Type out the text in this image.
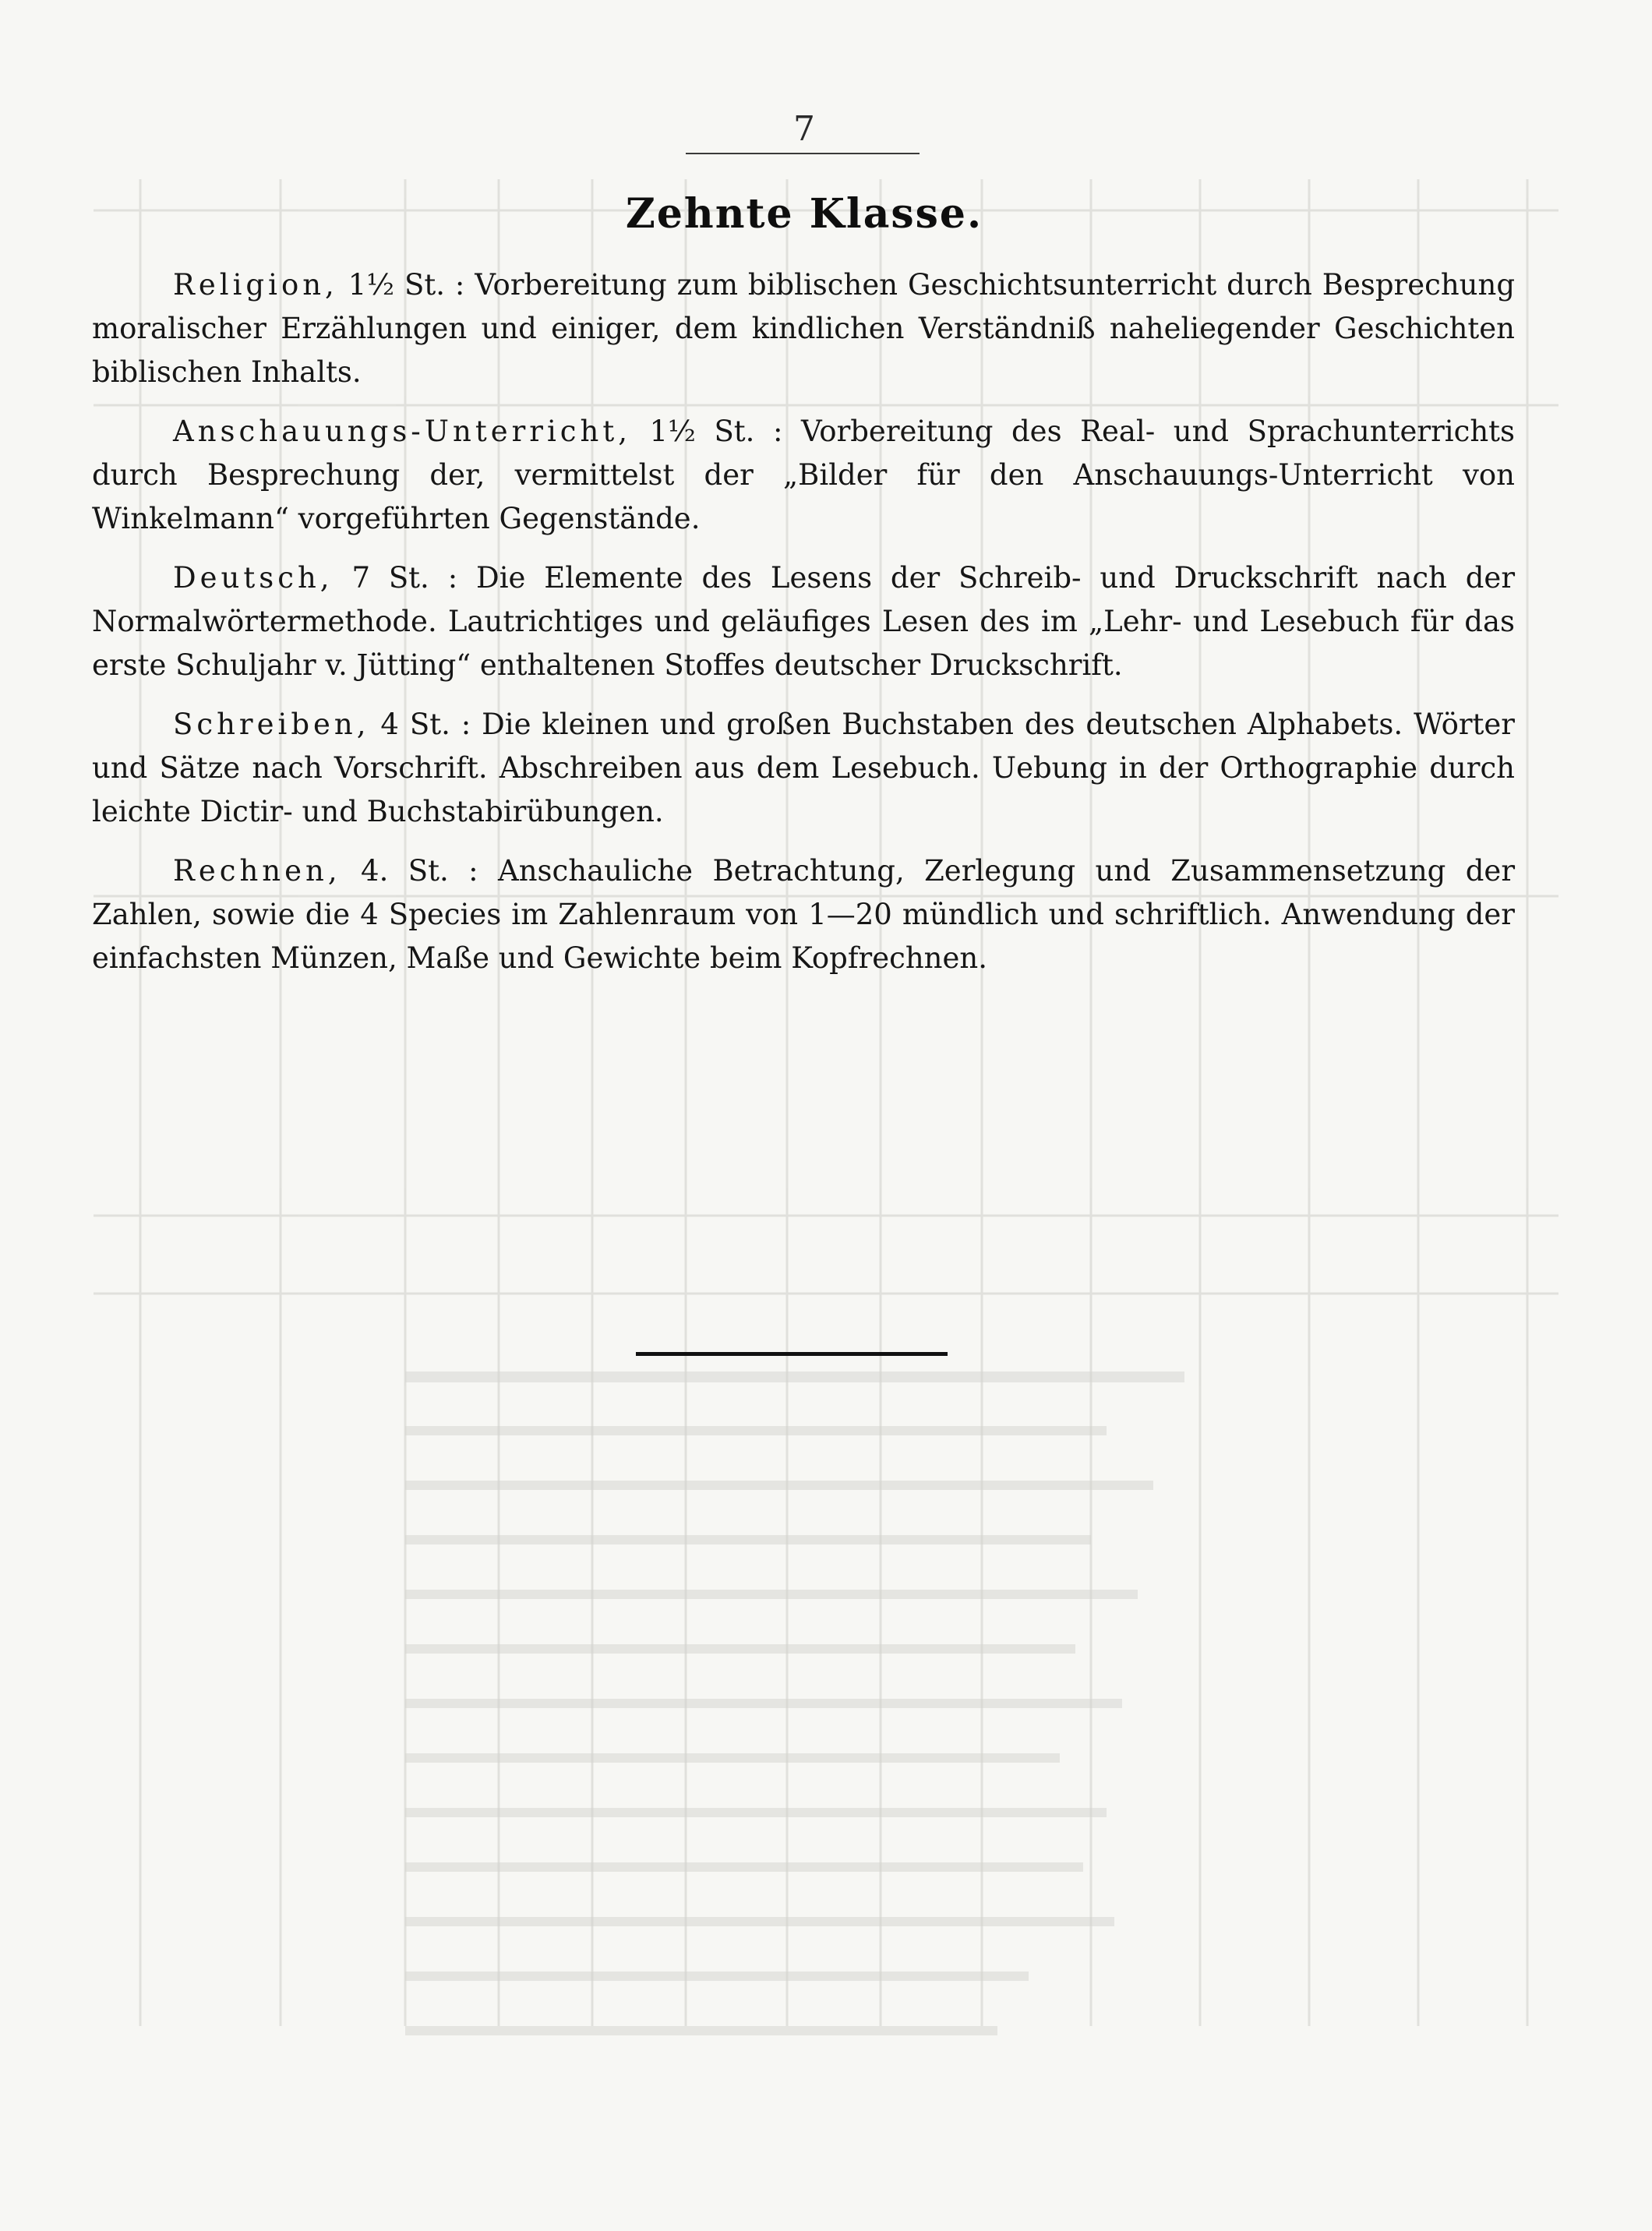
7
Zehnte Klasse.

Religion, 1½ St. : Vorbereitung zum biblischen Geschichtsunterricht durch Besprechung moralischer Erzählungen und einiger, dem kindlichen Verständniß naheliegender Geschichten biblischen Inhalts.

Anschauungs-Unterricht, 1½ St. : Vorbereitung des Real- und Sprachunterrichts durch Besprechung der, vermittelst der „Bilder für den Anschauungs-Unterricht von Winkelmann“ vorgeführten Gegenstände.

Deutsch, 7 St. : Die Elemente des Lesens der Schreib- und Druckschrift nach der Normalwörtermethode. Lautrichtiges und geläufiges Lesen des im „Lehr- und Lesebuch für das erste Schuljahr v. Jütting“ enthaltenen Stoffes deutscher Druckschrift.

Schreiben, 4 St. : Die kleinen und großen Buchstaben des deutschen Alphabets. Wörter und Sätze nach Vorschrift. Abschreiben aus dem Lesebuch. Uebung in der Orthographie durch leichte Dictir- und Buchstabirübungen.

Rechnen, 4. St. : Anschauliche Betrachtung, Zerlegung und Zusammensetzung der Zahlen, sowie die 4 Species im Zahlenraum von 1—20 mündlich und schriftlich. Anwendung der einfachsten Münzen, Maße und Gewichte beim Kopfrechnen.
